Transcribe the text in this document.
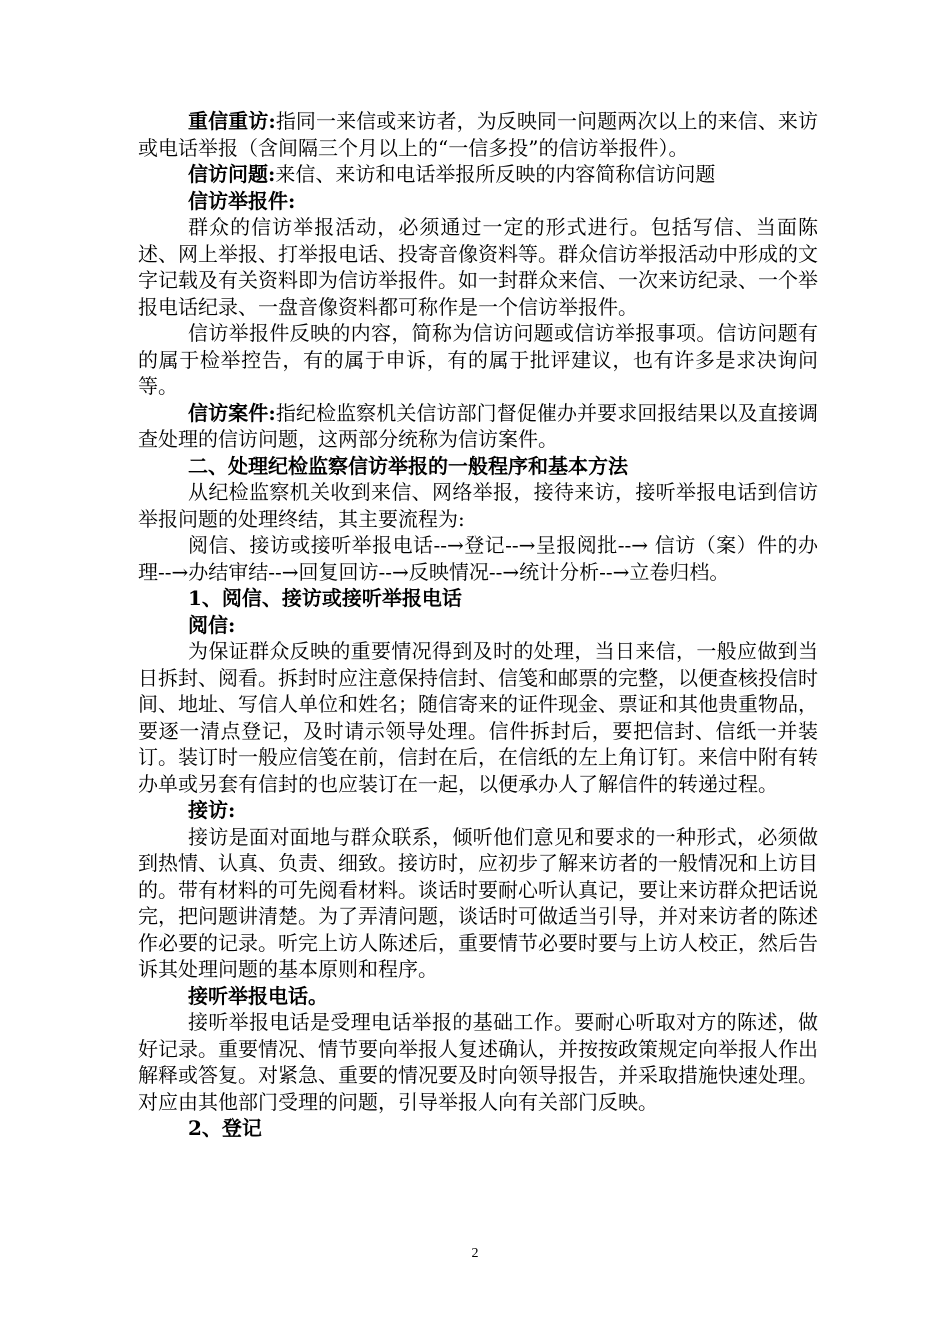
重信重访:指同一来信或来访者，为反映同一问题两次以上的来信、来访或电话举报（含间隔三个月以上的“一信多投”的信访举报件）。

信访问题:来信、来访和电话举报所反映的内容简称信访问题

信访举报件:

群众的信访举报活动，必须通过一定的形式进行。包括写信、当面陈述、网上举报、打举报电话、投寄音像资料等。群众信访举报活动中形成的文字记载及有关资料即为信访举报件。如一封群众来信、一次来访纪录、一个举报电话纪录、一盘音像资料都可称作是一个信访举报件。

信访举报件反映的内容，简称为信访问题或信访举报事项。信访问题有的属于检举控告，有的属于申诉，有的属于批评建议，也有许多是求决询问等。

信访案件:指纪检监察机关信访部门督促催办并要求回报结果以及直接调查处理的信访问题，这两部分统称为信访案件。

二、处理纪检监察信访举报的一般程序和基本方法

从纪检监察机关收到来信、网络举报，接待来访，接听举报电话到信访举报问题的处理终结，其主要流程为:

阅信、接访或接听举报电话--→登记--→呈报阅批--→ 信访（案）件的办理--→办结审结--→回复回访--→反映情况--→统计分析--→立卷归档。

1、阅信、接访或接听举报电话

阅信:

为保证群众反映的重要情况得到及时的处理，当日来信，一般应做到当日拆封、阅看。拆封时应注意保持信封、信笺和邮票的完整，以便查核投信时间、地址、写信人单位和姓名；随信寄来的证件现金、票证和其他贵重物品，要逐一清点登记，及时请示领导处理。信件拆封后，要把信封、信纸一并装订。装订时一般应信笺在前，信封在后，在信纸的左上角订钉。来信中附有转办单或另套有信封的也应装订在一起，以便承办人了解信件的转递过程。

接访:

接访是面对面地与群众联系，倾听他们意见和要求的一种形式，必须做到热情、认真、负责、细致。接访时，应初步了解来访者的一般情况和上访目的。带有材料的可先阅看材料。谈话时要耐心听认真记，要让来访群众把话说完，把问题讲清楚。为了弄清问题，谈话时可做适当引导，并对来访者的陈述作必要的记录。听完上访人陈述后，重要情节必要时要与上访人校正，然后告诉其处理问题的基本原则和程序。

接听举报电话。

接听举报电话是受理电话举报的基础工作。要耐心听取对方的陈述，做好记录。重要情况、情节要向举报人复述确认，并按按政策规定向举报人作出解释或答复。对紧急、重要的情况要及时向领导报告，并采取措施快速处理。对应由其他部门受理的问题，引导举报人向有关部门反映。

2、登记

2
